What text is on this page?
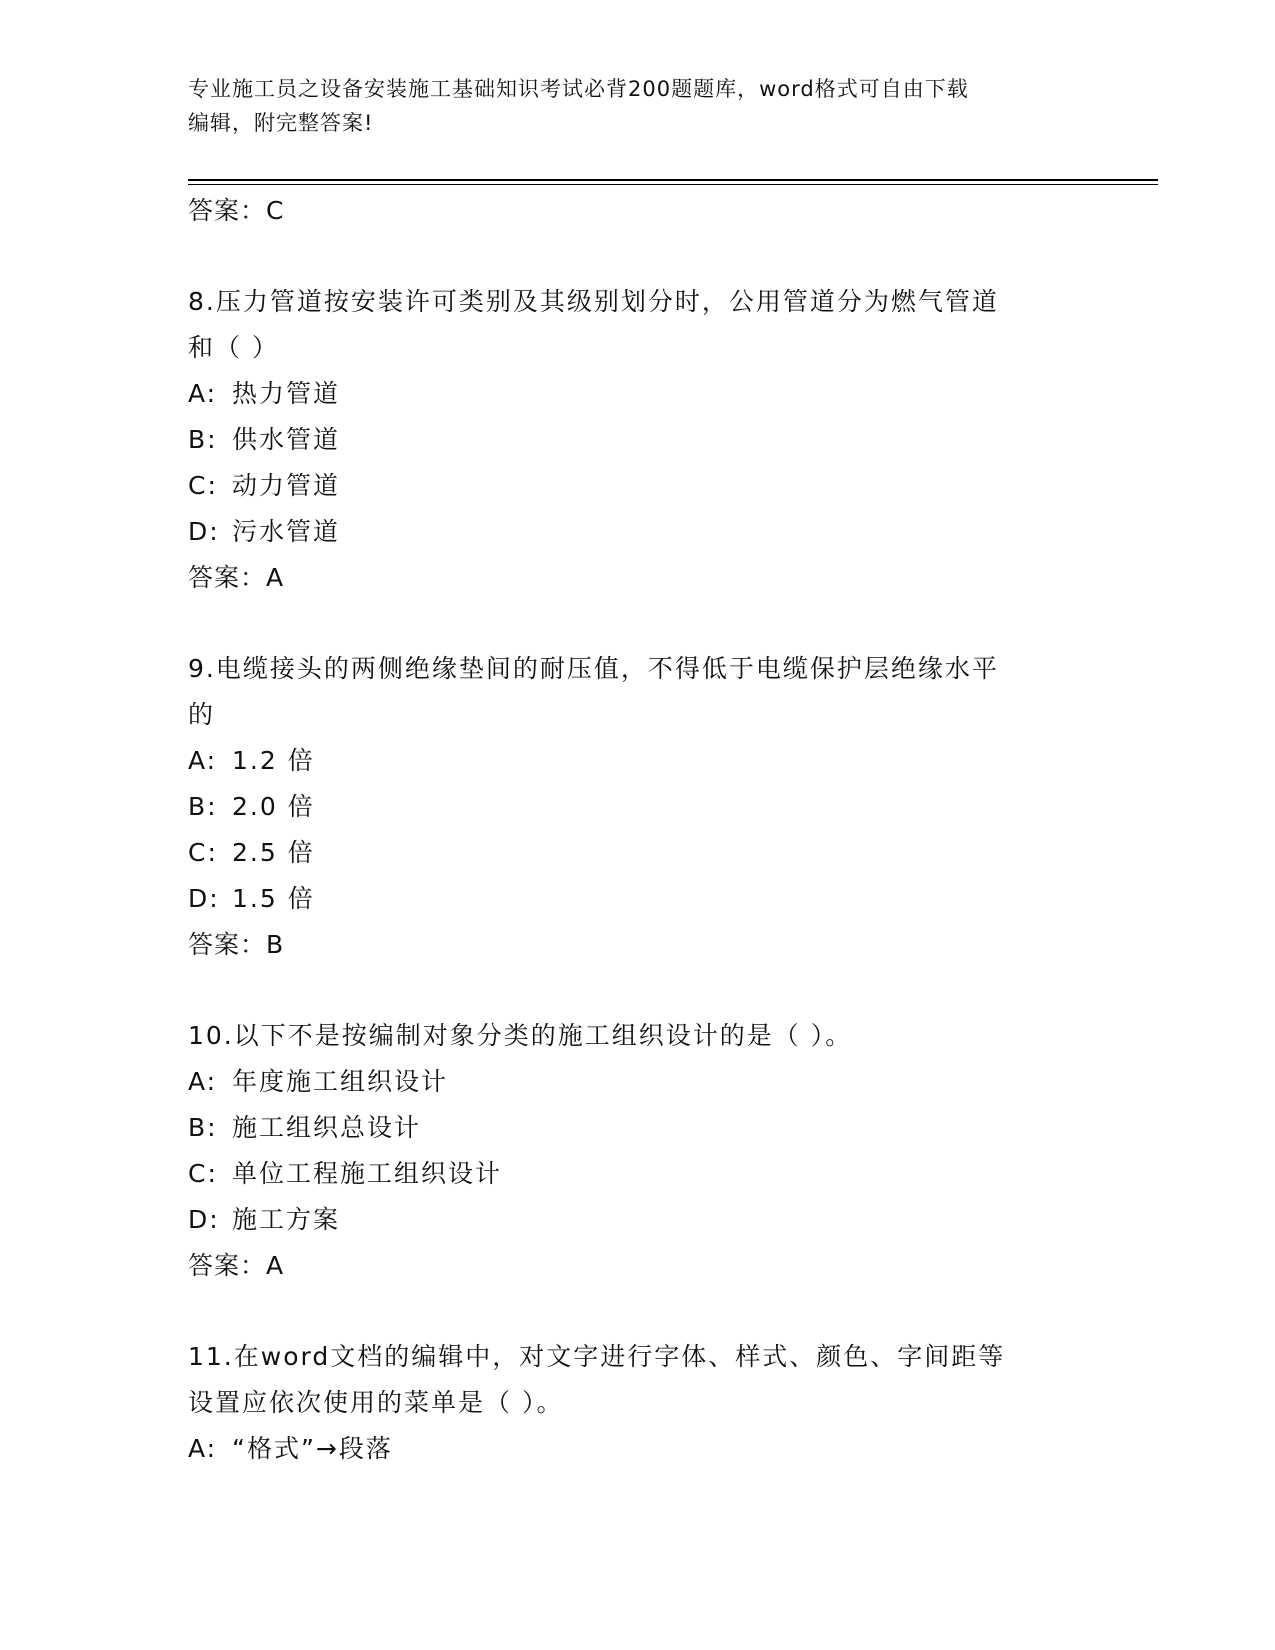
专业施工员之设备安装施工基础知识考试必背200题题库，word格式可自由下载
编辑，附完整答案!
答案：C
8.压力管道按安装许可类别及其级别划分时，公用管道分为燃气管道
和（ ）
A: 热力管道
B: 供水管道
C: 动力管道
D: 污水管道
答案：A
9.电缆接头的两侧绝缘垫间的耐压值，不得低于电缆保护层绝缘水平
的
A: 1.2 倍
B: 2.0 倍
C: 2.5 倍
D: 1.5 倍
答案：B
10.以下不是按编制对象分类的施工组织设计的是（ ）。
A: 年度施工组织设计
B: 施工组织总设计
C: 单位工程施工组织设计
D: 施工方案
答案：A
11.在word文档的编辑中，对文字进行字体、样式、颜色、字间距等
设置应依次使用的菜单是（ ）。
A: “格式”→段落
